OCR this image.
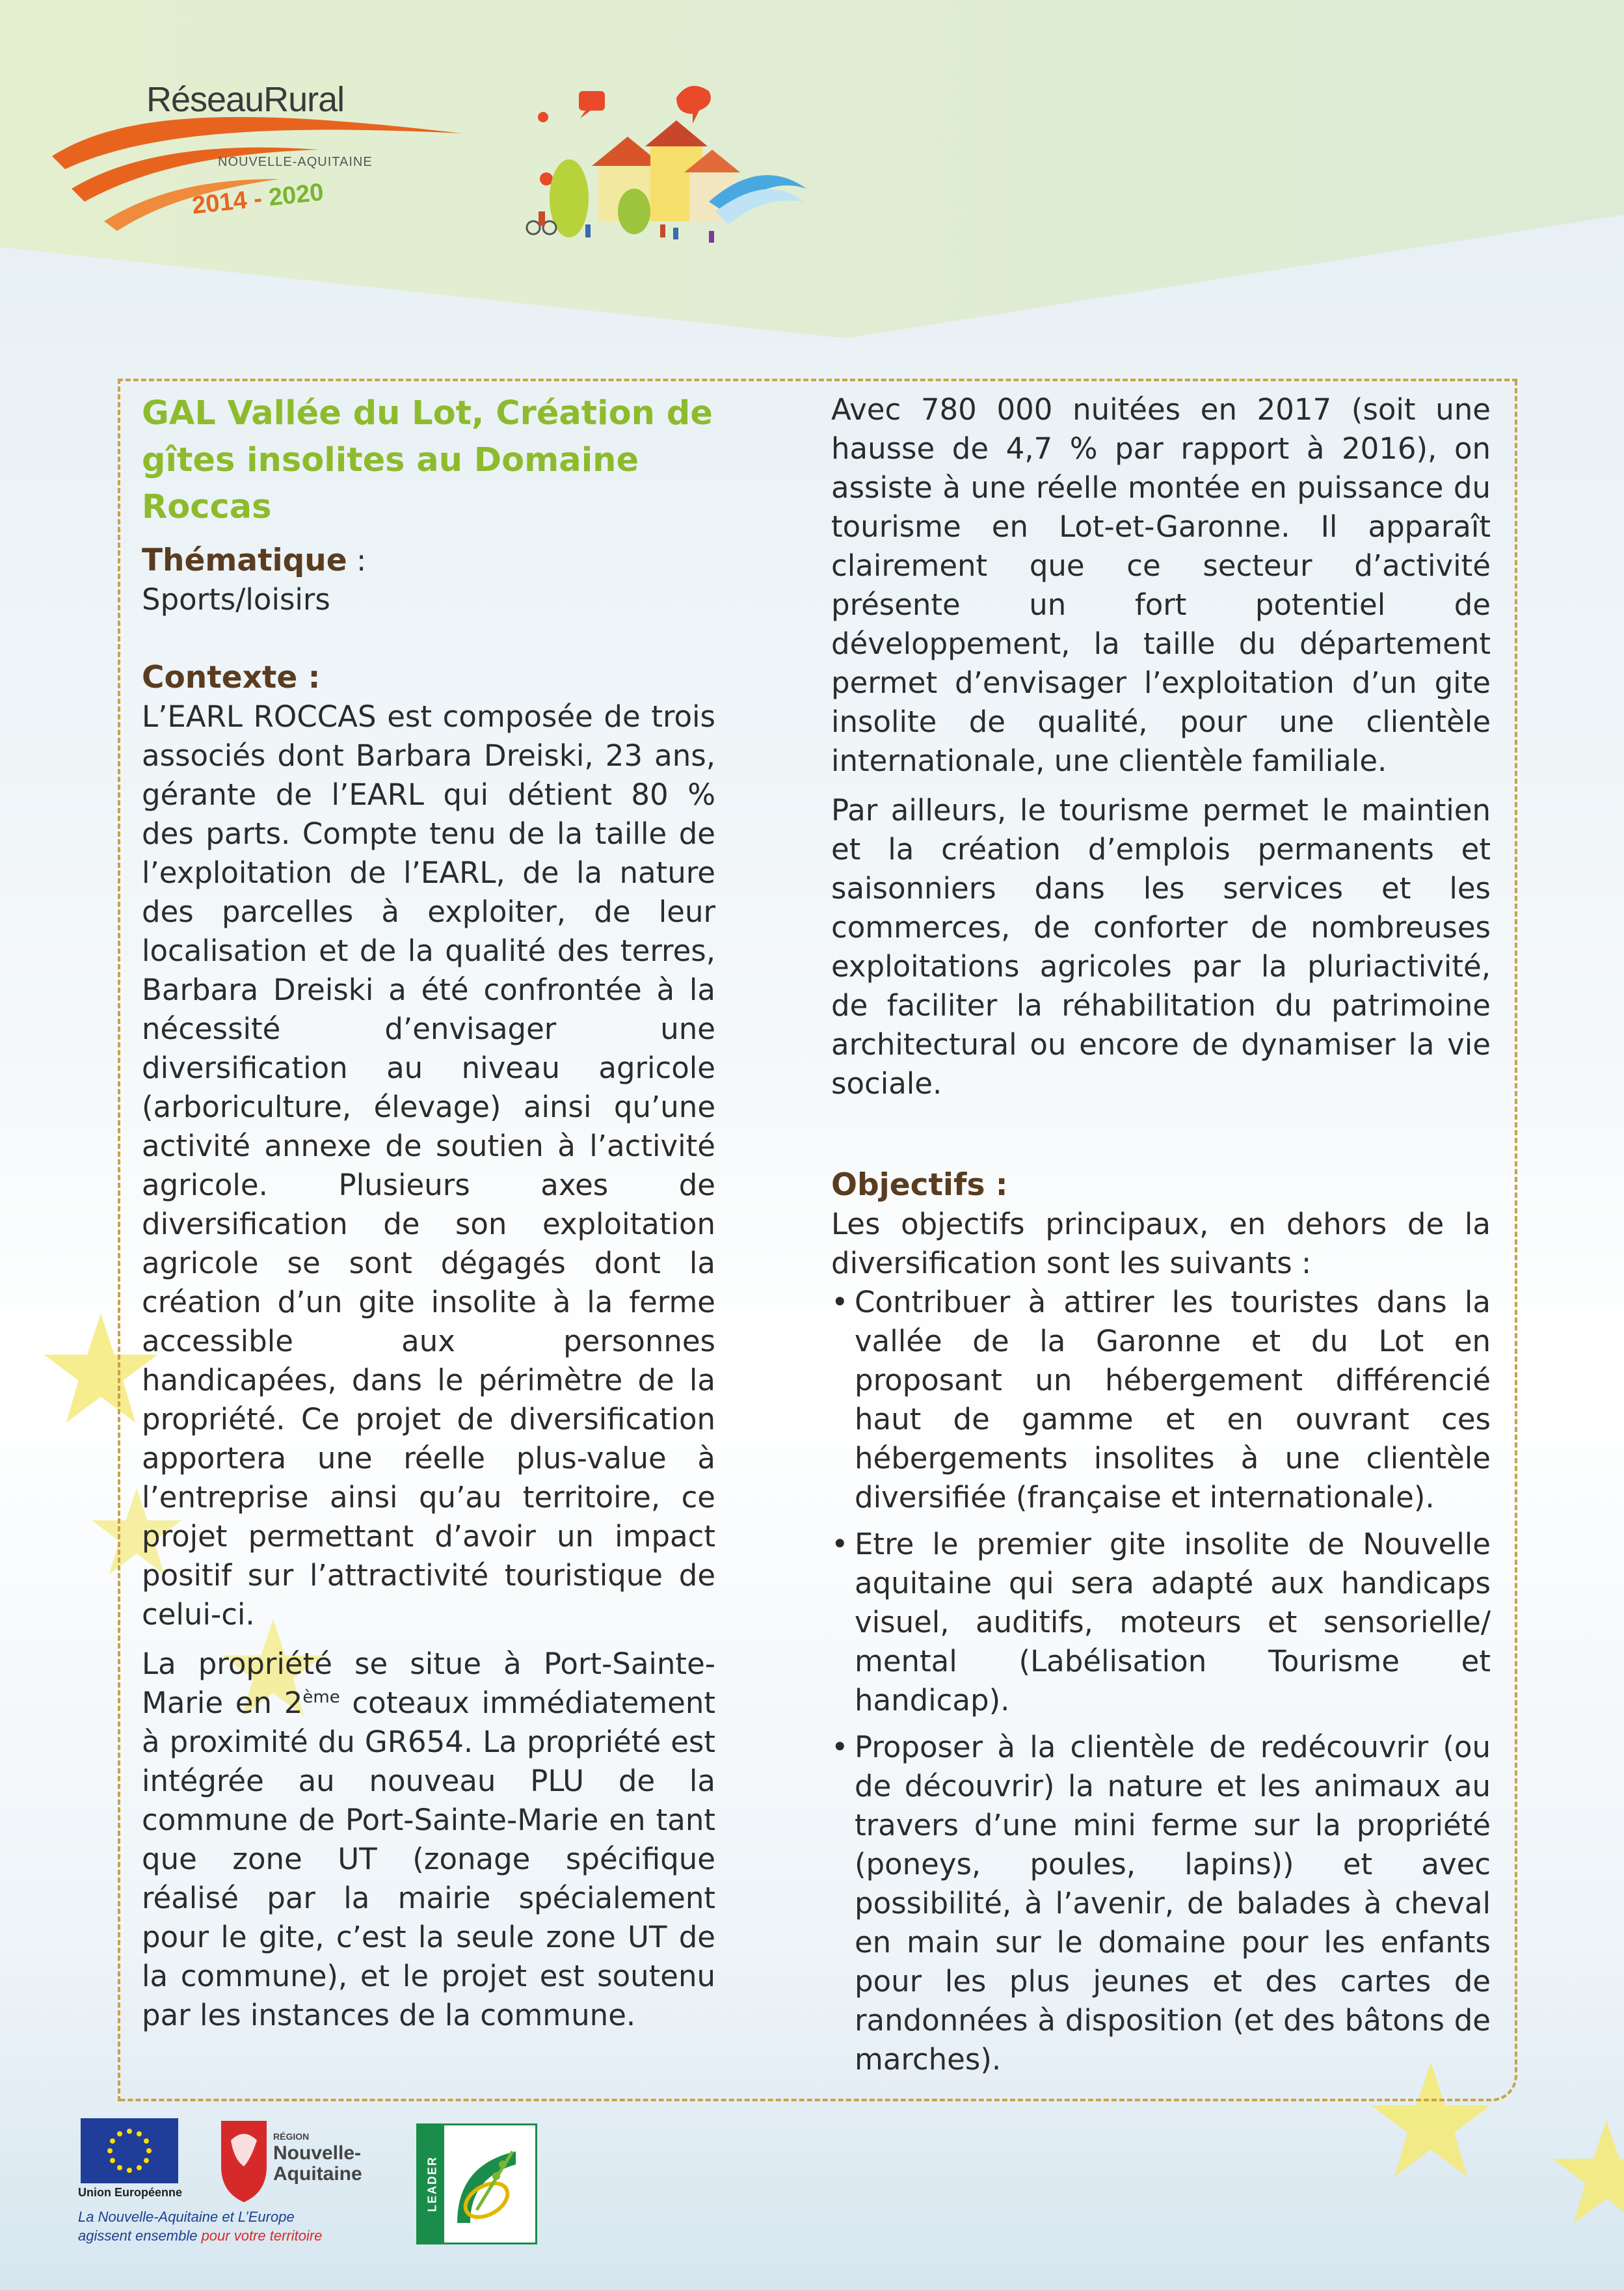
RéseauRural
NOUVELLE-AQUITAINE
2014 - 2020

GAL Vallée du Lot, Création de gîtes insolites au Domaine Roccas

Thématique :

Sports/loisirs

Contexte :

L’EARL ROCCAS est composée de trois associés dont Barbara Dreiski, 23 ans, gérante de l’EARL qui détient 80 % des parts. Compte tenu de la taille de l’exploitation de l’EARL, de la nature des parcelles à exploiter, de leur localisation et de la qualité des terres, Barbara Dreiski a été confrontée à la nécessité d’envisager une diversification au niveau agricole (arboriculture, élevage) ainsi qu’une activité annexe de soutien à l’activité agricole. Plusieurs axes de diversification de son exploitation agricole se sont dégagés dont la création d’un gite insolite à la ferme accessible aux personnes handicapées, dans le périmètre de la propriété. Ce projet de diversification apportera une réelle plus-value à l’entreprise ainsi qu’au territoire, ce projet permettant d’avoir un impact positif sur l’attractivité touristique de celui-ci.

La propriété se situe à Port-Sainte-Marie en 2ème coteaux immédiatement à proximité du GR654. La propriété est intégrée au nouveau PLU de la commune de Port-Sainte-Marie en tant que zone UT (zonage spécifique réalisé par la mairie spécialement pour le gite, c’est la seule zone UT de la commune), et le projet est soutenu par les instances de la commune.

Avec 780 000 nuitées en 2017 (soit une hausse de 4,7 % par rapport à 2016), on assiste à une réelle montée en puissance du tourisme en Lot-et-Garonne. Il apparaît clairement que ce secteur d’activité présente un fort potentiel de développement, la taille du département permet d’envisager l’exploitation d’un gite insolite de qualité, pour une clientèle internationale, une clientèle familiale.

Par ailleurs, le tourisme permet le maintien et la création d’emplois permanents et saisonniers dans les services et les commerces, de conforter de nombreuses exploitations agricoles par la pluriactivité, de faciliter la réhabilitation du patrimoine architectural ou encore de dynamiser la vie sociale.

Objectifs :

Les objectifs principaux, en dehors de la diversification sont les suivants :

• Contribuer à attirer les touristes dans la vallée de la Garonne et du Lot en proposant un hébergement différencié haut de gamme et en ouvrant ces hébergements insolites à une clientèle diversifiée (française et internationale).
• Etre le premier gite insolite de Nouvelle aquitaine qui sera adapté aux handicaps visuel, auditifs, moteurs et sensorielle/ mental (Labélisation Tourisme et handicap).
• Proposer à la clientèle de redécouvrir (ou de découvrir) la nature et les animaux au travers d’une mini ferme sur la propriété (poneys, poules, lapins)) et avec possibilité, à l’avenir, de balades à cheval en main sur le domaine pour les enfants pour les plus jeunes et des cartes de randonnées à disposition (et des bâtons de marches).
Union Européenne
RÉGION
Nouvelle-Aquitaine	LEADER
La Nouvelle-Aquitaine et L’Europe
agissent ensemble pour votre territoire
